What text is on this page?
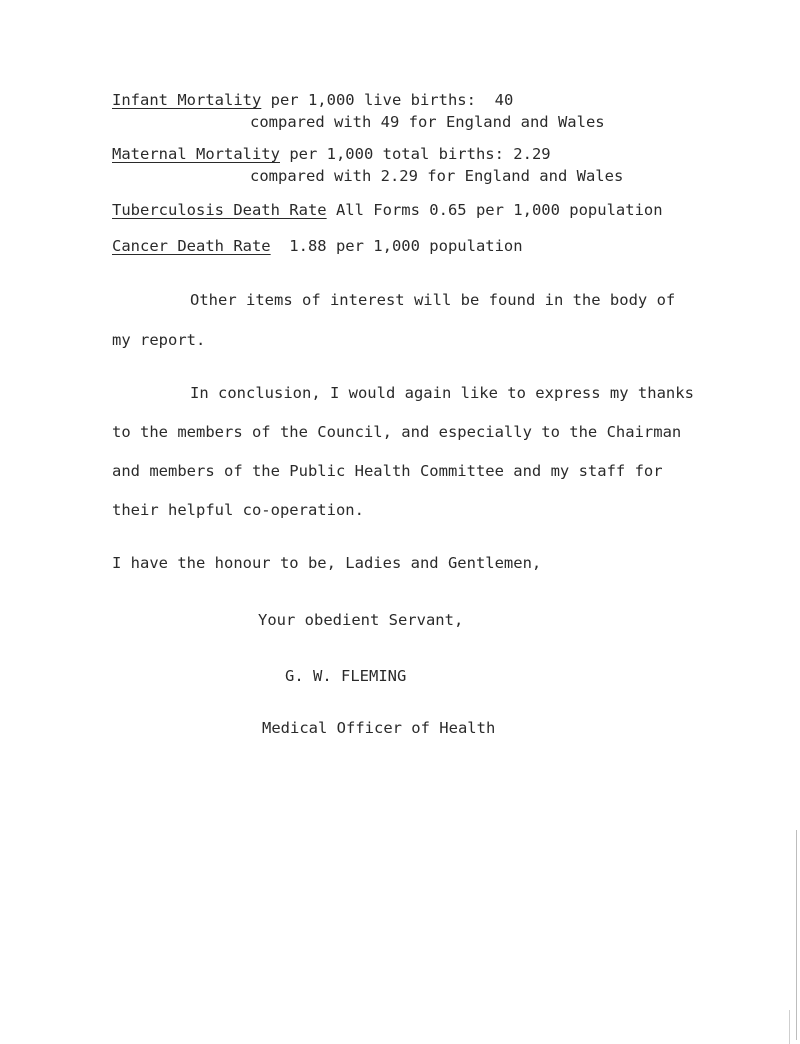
Infant Mortality per 1,000 live births:  40
compared with 49 for England and Wales
Maternal Mortality per 1,000 total births: 2.29
compared with 2.29 for England and Wales
Tuberculosis Death Rate All Forms 0.65 per 1,000 population
Cancer Death Rate  1.88 per 1,000 population
Other items of interest will be found in the body of
my report.
In conclusion, I would again like to express my thanks
to the members of the Council, and especially to the Chairman
and members of the Public Health Committee and my staff for
their helpful co-operation.
I have the honour to be, Ladies and Gentlemen,
Your obedient Servant,
G. W. FLEMING
Medical Officer of Health
